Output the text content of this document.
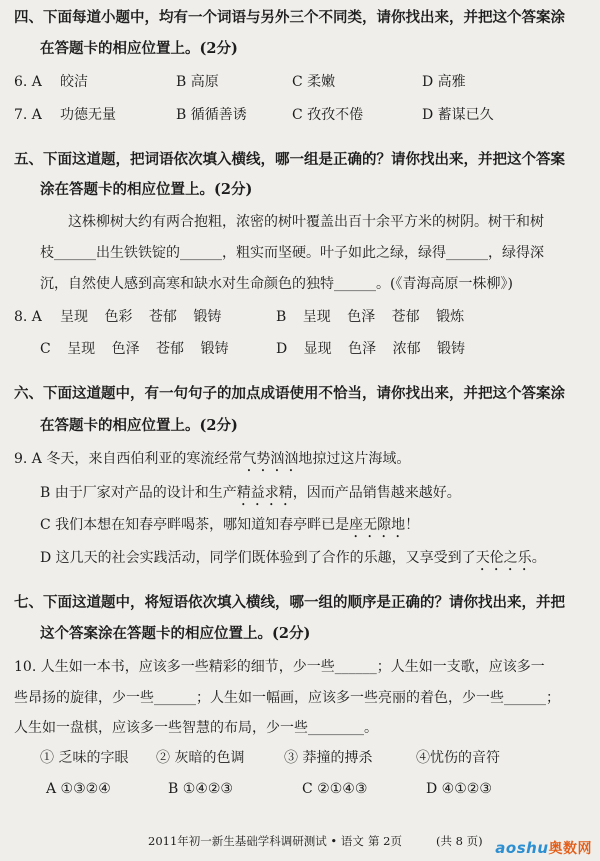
四、下面每道小题中，均有一个词语与另外三个不同类，请你找出来，并把这个答案涂
在答题卡的相应位置上。(2分)
6. A 皎洁	B 高原	C 柔嫩	D 高雅
7. A 功德无量	B 循循善诱	C 孜孜不倦	D 蓄谋已久
五、下面这道题，把词语依次填入横线，哪一组是正确的？请你找出来，并把这个答案
涂在答题卡的相应位置上。(2分)
这株柳树大约有两合抱粗，浓密的树叶覆盖出百十余平方米的树阴。树干和树
枝______出生铁铁锭的______，粗实而坚硬。叶子如此之绿，绿得______，绿得深
沉，自然使人感到高寒和缺水对生命颜色的独特______。(《青海高原一株柳》)
8. A 呈现 色彩 苍郁 锻铸	B 呈现 色泽 苍郁 锻炼
C 呈现 色泽 苍郁 锻铸	D 显现 色泽 浓郁 锻铸
六、下面这道题中，有一句句子的加点成语使用不恰当，请你找出来，并把这个答案涂
在答题卡的相应位置上。(2分)
9. A 冬天，来自西伯利亚的寒流经常气势汹汹地掠过这片海域。
B 由于厂家对产品的设计和生产精益求精，因而产品销售越来越好。
C 我们本想在知春亭畔喝茶，哪知道知春亭畔已是座无隙地！
D 这几天的社会实践活动，同学们既体验到了合作的乐趣，又享受到了天伦之乐。
七、下面这道题中，将短语依次填入横线，哪一组的顺序是正确的？请你找出来，并把
这个答案涂在答题卡的相应位置上。(2分)
10. 人生如一本书，应该多一些精彩的细节，少一些______；人生如一支歌，应该多一
些昂扬的旋律，少一些______；人生如一幅画，应该多一些亮丽的着色，少一些______；
人生如一盘棋，应该多一些智慧的布局，少一些________。
① 乏味的字眼 ② 灰暗的色调	③ 莽撞的搏杀	④忧伤的音符
A ①③②④	B ①④②③	C ②①④③	D ④①②③
2011年初一新生基础学科调研测试 • 语文 第 2页	(共 8 页) aoshu奥数网
